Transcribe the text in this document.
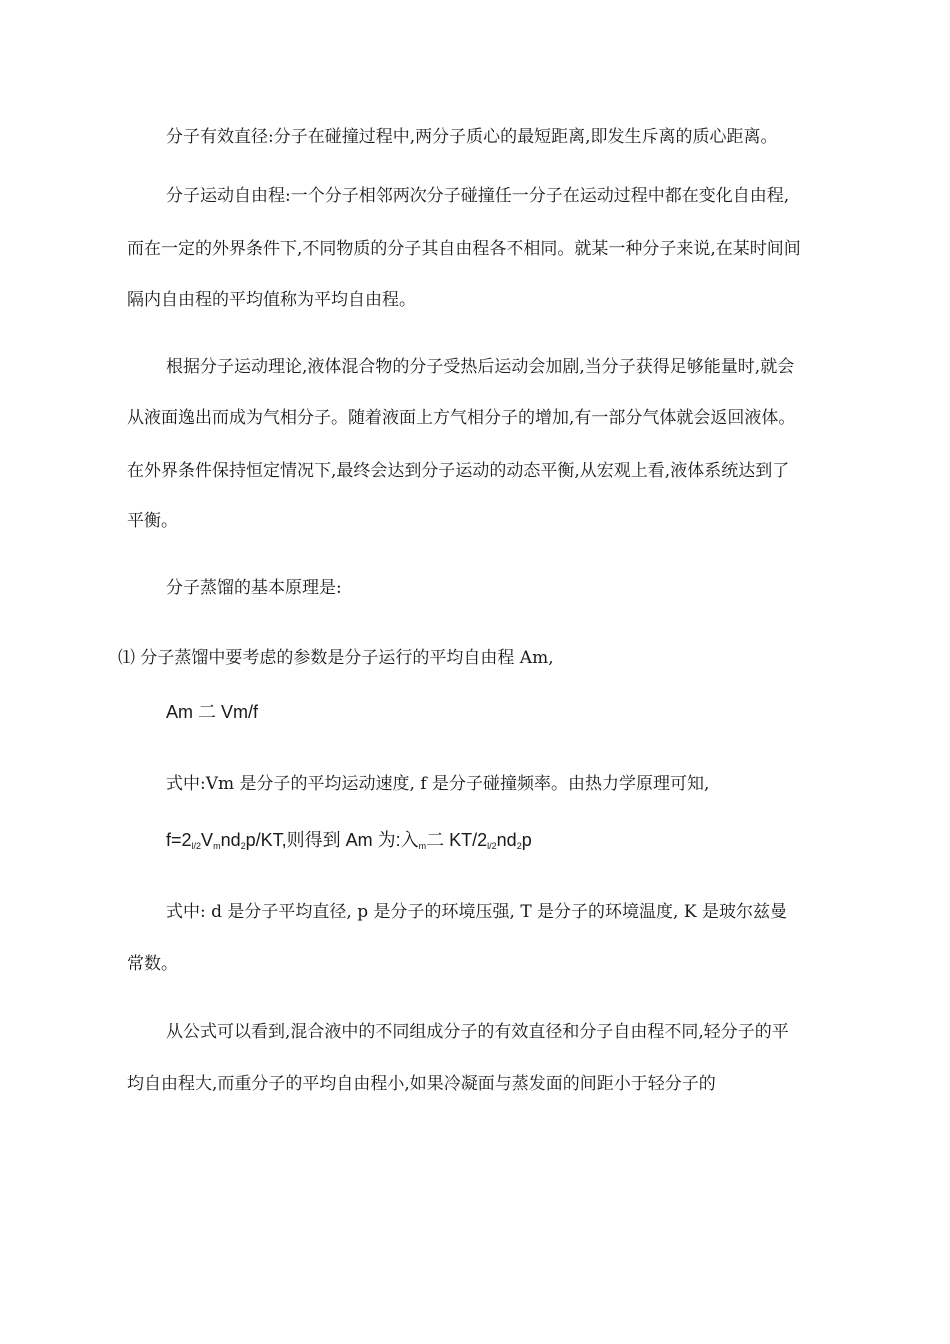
分子有效直径:分子在碰撞过程中,两分子质心的最短距离,即发生斥离的质心距离。
分子运动自由程:一个分子相邻两次分子碰撞任一分子在运动过程中都在变化自由程,
而在一定的外界条件下,不同物质的分子其自由程各不相同。就某一种分子来说,在某时间间
隔内自由程的平均值称为平均自由程。
根据分子运动理论,液体混合物的分子受热后运动会加剧,当分子获得足够能量时,就会
从液面逸出而成为气相分子。随着液面上方气相分子的增加,有一部分气体就会返回液体。
在外界条件保持恒定情况下,最终会达到分子运动的动态平衡,从宏观上看,液体系统达到了
平衡。
分子蒸馏的基本原理是:
⑴ 分子蒸馏中要考虑的参数是分子运行的平均自由程 Am,
Am 二 Vm/f
式中:Vm 是分子的平均运动速度, f 是分子碰撞频率。由热力学原理可知,
f=2l/2Vmnd2p/KT,则得到 Am 为:入m二 KT/2l/2nd2p
式中: d 是分子平均直径, p 是分子的环境压强, T 是分子的环境温度, K 是玻尔兹曼
常数。
从公式可以看到,混合液中的不同组成分子的有效直径和分子自由程不同,轻分子的平
均自由程大,而重分子的平均自由程小,如果冷凝面与蒸发面的间距小于轻分子的
